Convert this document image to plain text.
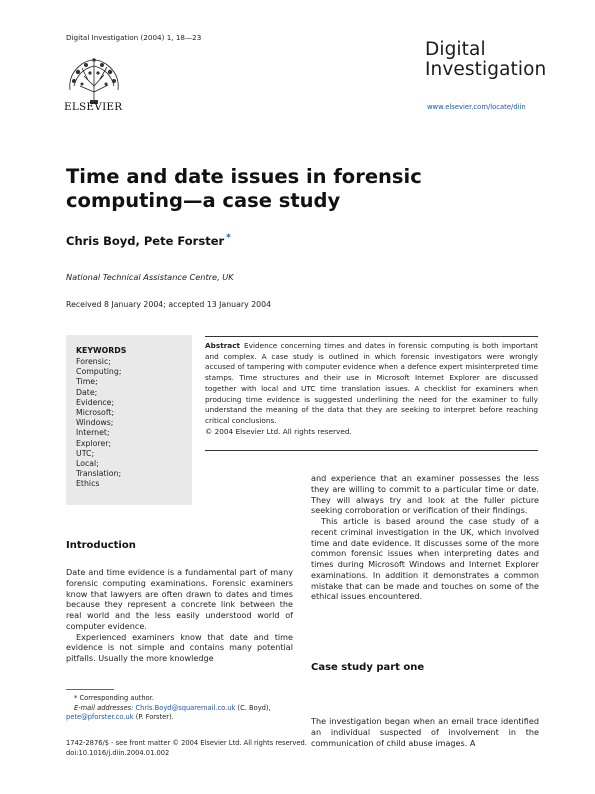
Digital Investigation (2004) 1, 18—23
ELSEVIER
Digital
Investigation
www.elsevier.com/locate/diin
Time and date issues in forensic computing—a case study
Chris Boyd, Pete Forster *
National Technical Assistance Centre, UK
Received 8 January 2004; accepted 13 January 2004
KEYWORDS
Forensic;
Computing;
Time;
Date;
Evidence;
Microsoft;
Windows;
Internet;
Explorer;
UTC;
Local;
Translation;
Ethics
Abstract Evidence concerning times and dates in forensic computing is both important and complex. A case study is outlined in which forensic investigators were wrongly accused of tampering with computer evidence when a defence expert misinterpreted time stamps. Time structures and their use in Microsoft Internet Explorer are discussed together with local and UTC time translation issues. A checklist for examiners when producing time evidence is suggested underlining the need for the examiner to fully understand the meaning of the data that they are seeking to interpret before reaching critical conclusions.
© 2004 Elsevier Ltd. All rights reserved.
Introduction

Date and time evidence is a fundamental part of many forensic computing examinations. Forensic examiners know that lawyers are often drawn to dates and times because they represent a concrete link between the real world and the less easily understood world of computer evidence.

Experienced examiners know that date and time evidence is not simple and contains many potential pitfalls. Usually the more knowledge

and experience that an examiner possesses the less they are willing to commit to a particular time or date. They will always try and look at the fuller picture seeking corroboration or verification of their findings.

This article is based around the case study of a recent criminal investigation in the UK, which involved time and date evidence. It discusses some of the more common forensic issues when interpreting dates and times during Microsoft Windows and Internet Explorer examinations. In addition it demonstrates a common mistake that can be made and touches on some of the ethical issues encountered.

Case study part one

The investigation began when an email trace identified an individual suspected of involvement in the communication of child abuse images. A

* Corresponding author.
E-mail addresses: Chris.Boyd@squaremail.co.uk (C. Boyd),
pete@pforster.co.uk (P. Forster).
1742-2876/$ - see front matter © 2004 Elsevier Ltd. All rights reserved.
doi:10.1016/j.diin.2004.01.002
